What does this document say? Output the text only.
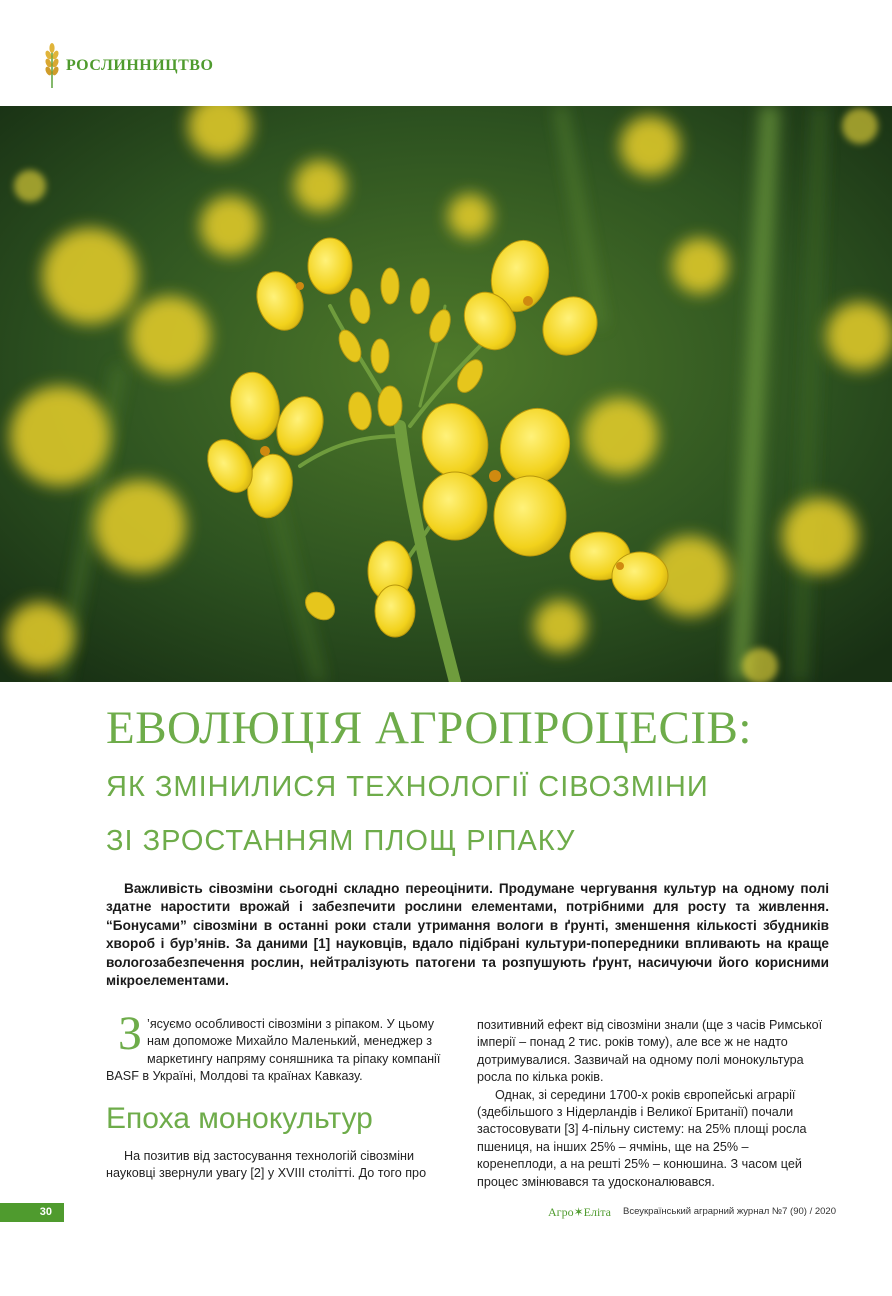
РОСЛИННИЦТВО
ЕВОЛЮЦІЯ АГРОПРОЦЕСІВ:
ЯК ЗМІНИЛИСЯ ТЕХНОЛОГІЇ СІВОЗМІНИ
ЗІ ЗРОСТАННЯМ ПЛОЩ РІПАКУ
Важливість сівозміни сьогодні складно переоцінити. Продумане чергування культур на одному полі здатне наростити врожай і забезпечити рослини елементами, потрібними для росту та живлення. “Бонусами” сівозміни в останні роки стали утримання вологи в ґрунті, зменшення кількості збудників хвороб і бур’янів. За даними [1] науковців, вдало підібрані культури-попередники впливають на краще вологозабезпечення рослин, нейтралізують патогени та розпушують ґрунт, насичуючи його корисними мікроелементами.

З ’ясуємо особливості сівозміни з ріпаком. У цьому нам допоможе Михайло Маленький, менеджер з маркетингу напряму соняшника та ріпаку компанії BASF в Україні, Молдові та країнах Кавказу.

Епоха монокультур

На позитив від застосування технологій сівозміни науковці звернули увагу [2] у XVIII столітті. До того про

позитивний ефект від сівозміни знали (ще з часів Римської імперії – понад 2 тис. років тому), але все ж не надто дотримувалися. Зазвичай на одному полі монокультура росла по кілька років.

Однак, зі середини 1700-х років європейські аграрії (здебільшого з Нідерландів і Великої Британії) почали застосовувати [3] 4-пільну систему: на 25% площі росла пшениця, на інших 25% – ячмінь, ще на 25% – коренеплоди, а на решті 25% – конюшина. З часом цей процес змінювався та удосконалювався.

30	Агро✶Еліта Всеукраїнський аграрний журнал №7 (90) / 2020
